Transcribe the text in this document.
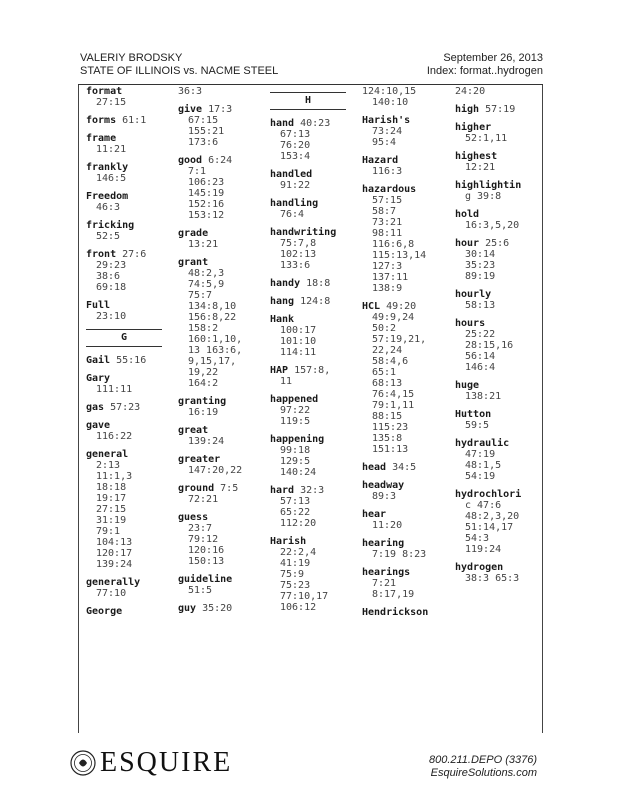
VALERIY BRODSKY
STATE OF ILLINOIS vs. NACME STEEL
September 26, 2013
Index: format..hydrogen
format
27:15
forms 61:1
frame
11:21
frankly
146:5
Freedom
46:3
fricking
52:5
front 27:6
29:23
38:6
69:18
Full
23:10
G
Gail 55:16
Gary
111:11
gas 57:23
gave
116:22
general
2:13
11:1,3
18:18
19:17
27:15
31:19
79:1
104:13
120:17
139:24
generally
77:10
George
36:3
give 17:3
67:15
155:21
173:6
good 6:24
7:1
106:23
145:19
152:16
153:12
grade
13:21
grant
48:2,3
74:5,9
75:7
134:8,10
156:8,22
158:2
160:1,10,
13 163:6,
9,15,17,
19,22
164:2
granting
16:19
great
139:24
greater
147:20,22
ground 7:5
72:21
guess
23:7
79:12
120:16
150:13
guideline
51:5
guy 35:20
H
hand 40:23
67:13
76:20
153:4
handled
91:22
handling
76:4
handwriting
75:7,8
102:13
133:6
handy 18:8
hang 124:8
Hank
100:17
101:10
114:11
HAP 157:8,
11
happened
97:22
119:5
happening
99:18
129:5
140:24
hard 32:3
57:13
65:22
112:20
Harish
22:2,4
41:19
75:9
75:23
77:10,17
106:12
124:10,15
140:10
Harish's
73:24
95:4
Hazard
116:3
hazardous
57:15
58:7
73:21
98:11
116:6,8
115:13,14
127:3
137:11
138:9
HCL 49:20
49:9,24
50:2
57:19,21,
22,24
58:4,6
65:1
68:13
76:4,15
79:1,11
88:15
115:23
135:8
151:13
head 34:5
headway
89:3
hear
11:20
hearing
7:19 8:23
hearings
7:21
8:17,19
Hendrickson
24:20
high 57:19
higher
52:1,11
highest
12:21
highlightin
g 39:8
hold
16:3,5,20
hour 25:6
30:14
35:23
89:19
hourly
58:13
hours
25:22
28:15,16
56:14
146:4
huge
138:21
Hutton
59:5
hydraulic
47:19
48:1,5
54:19
hydrochlori
c 47:6
48:2,3,20
51:14,17
54:3
119:24
hydrogen
38:3 65:3
ESQUIRE	800.211.DEPO (3376)
EsquireSolutions.com
